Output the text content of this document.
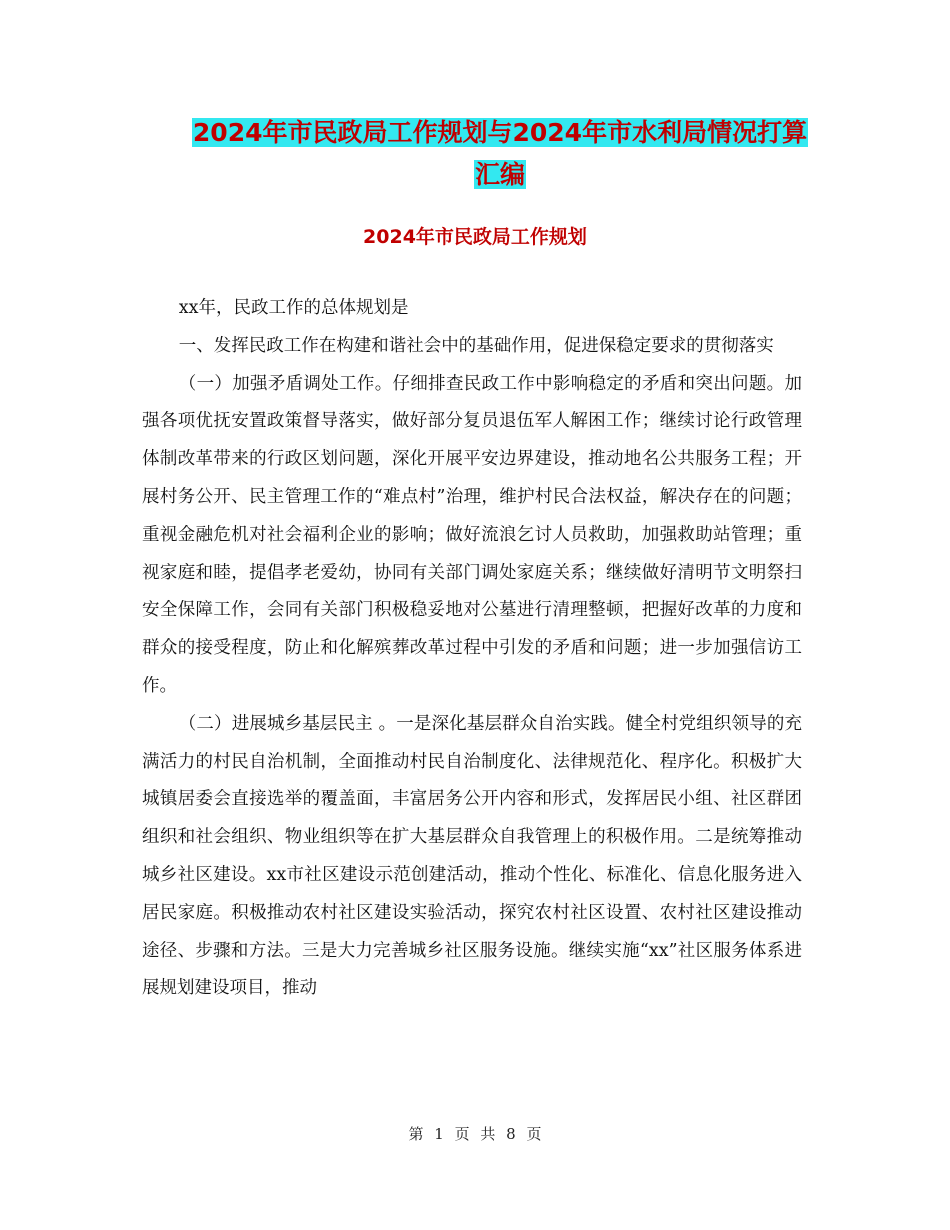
2024年市民政局工作规划与2024年市水利局情况打算
汇编
2024年市民政局工作规划

xx年，民政工作的总体规划是

一、发挥民政工作在构建和谐社会中的基础作用，促进保稳定要求的贯彻落实

（一）加强矛盾调处工作。仔细排查民政工作中影响稳定的矛盾和突出问题。加强各项优抚安置政策督导落实，做好部分复员退伍军人解困工作；继续讨论行政管理体制改革带来的行政区划问题，深化开展平安边界建设，推动地名公共服务工程；开展村务公开、民主管理工作的“难点村”治理，维护村民合法权益，解决存在的问题；重视金融危机对社会福利企业的影响；做好流浪乞讨人员救助，加强救助站管理；重视家庭和睦，提倡孝老爱幼，协同有关部门调处家庭关系；继续做好清明节文明祭扫安全保障工作，会同有关部门积极稳妥地对公墓进行清理整顿，把握好改革的力度和群众的接受程度，防止和化解殡葬改革过程中引发的矛盾和问题；进一步加强信访工作。

（二）进展城乡基层民主 。一是深化基层群众自治实践。健全村党组织领导的充满活力的村民自治机制，全面推动村民自治制度化、法律规范化、程序化。积极扩大城镇居委会直接选举的覆盖面，丰富居务公开内容和形式，发挥居民小组、社区群团组织和社会组织、物业组织等在扩大基层群众自我管理上的积极作用。二是统筹推动城乡社区建设。xx市社区建设示范创建活动，推动个性化、标准化、信息化服务进入居民家庭。积极推动农村社区建设实验活动，探究农村社区设置、农村社区建设推动途径、步骤和方法。三是大力完善城乡社区服务设施。继续实施“xx”社区服务体系进展规划建设项目，推动

第 1 页 共 8 页
